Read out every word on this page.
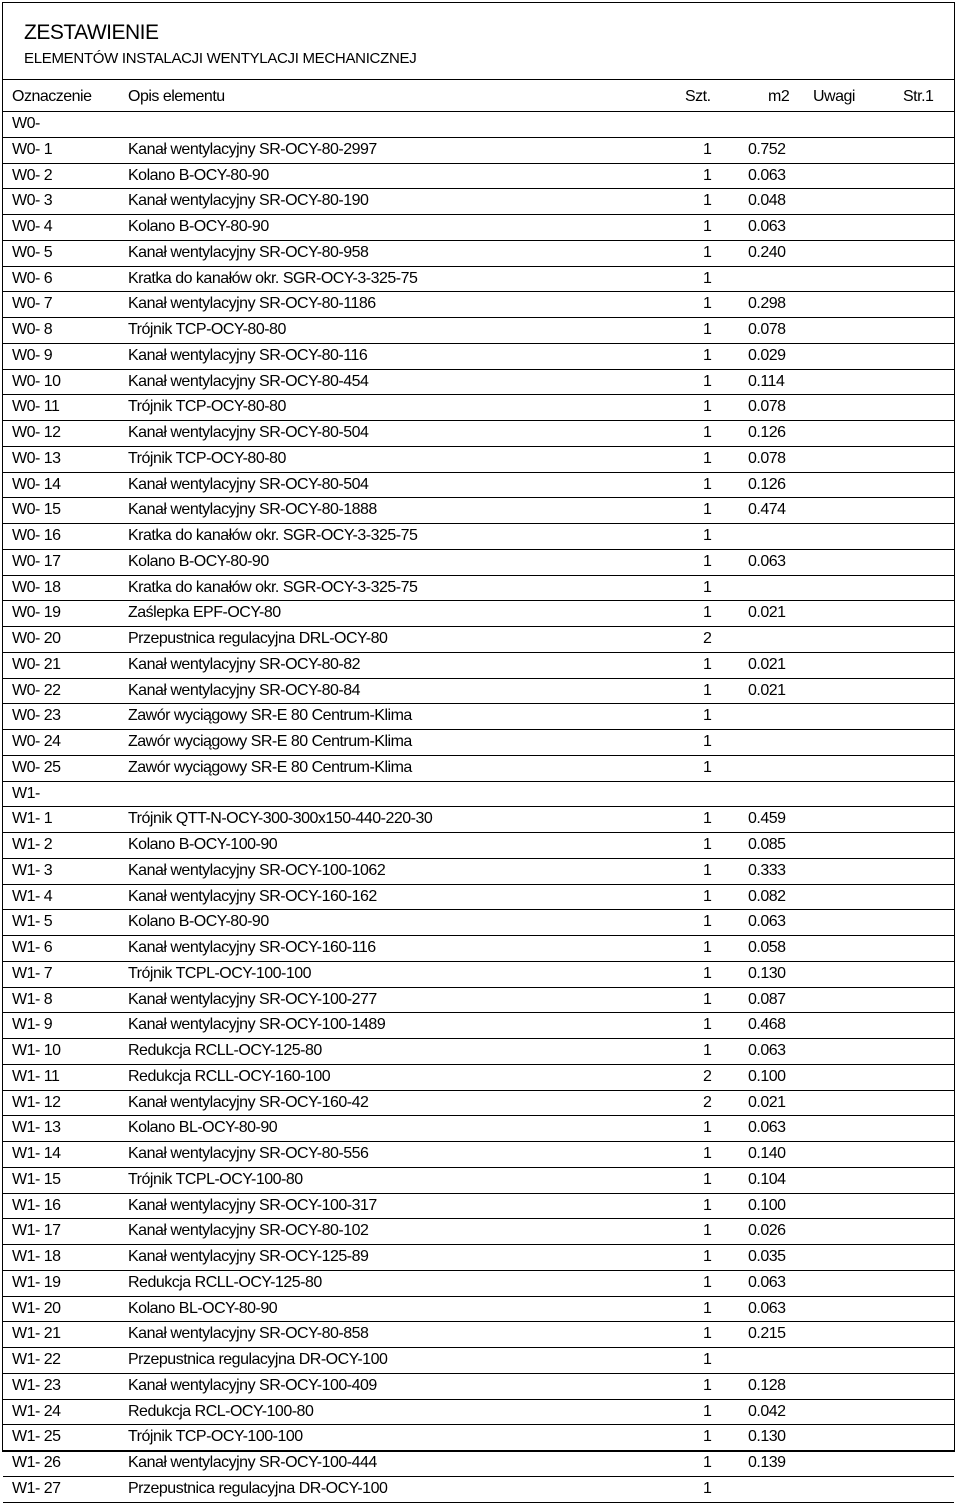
ZESTAWIENIE
ELEMENTÓW INSTALACJI WENTYLACJI MECHANICZNEJ
Oznaczenie Opis elementu	Szt.	m2 Uwagi	Str.1
W0-
W0- 1	Kanał wentylacyjny SR-OCY-80-2997	1 0.752
W0- 2	Kolano B-OCY-80-90	1 0.063
W0- 3	Kanał wentylacyjny SR-OCY-80-190	1 0.048
W0- 4	Kolano B-OCY-80-90	1 0.063
W0- 5	Kanał wentylacyjny SR-OCY-80-958	1 0.240
W0- 6	Kratka do kanałów okr. SGR-OCY-3-325-75	1
W0- 7	Kanał wentylacyjny SR-OCY-80-1186	1 0.298
W0- 8	Trójnik TCP-OCY-80-80	1 0.078
W0- 9	Kanał wentylacyjny SR-OCY-80-116	1 0.029
W0- 10	Kanał wentylacyjny SR-OCY-80-454	1 0.114
W0- 11	Trójnik TCP-OCY-80-80	1 0.078
W0- 12	Kanał wentylacyjny SR-OCY-80-504	1 0.126
W0- 13	Trójnik TCP-OCY-80-80	1 0.078
W0- 14	Kanał wentylacyjny SR-OCY-80-504	1 0.126
W0- 15	Kanał wentylacyjny SR-OCY-80-1888	1 0.474
W0- 16	Kratka do kanałów okr. SGR-OCY-3-325-75	1
W0- 17	Kolano B-OCY-80-90	1 0.063
W0- 18	Kratka do kanałów okr. SGR-OCY-3-325-75	1
W0- 19	Zaślepka EPF-OCY-80	1 0.021
W0- 20	Przepustnica regulacyjna DRL-OCY-80	2
W0- 21	Kanał wentylacyjny SR-OCY-80-82	1 0.021
W0- 22	Kanał wentylacyjny SR-OCY-80-84	1 0.021
W0- 23	Zawór wyciągowy SR-E 80 Centrum-Klima	1
W0- 24	Zawór wyciągowy SR-E 80 Centrum-Klima	1
W0- 25	Zawór wyciągowy SR-E 80 Centrum-Klima	1
W1-
W1- 1	Trójnik QTT-N-OCY-300-300x150-440-220-30	1 0.459
W1- 2	Kolano B-OCY-100-90	1 0.085
W1- 3	Kanał wentylacyjny SR-OCY-100-1062	1 0.333
W1- 4	Kanał wentylacyjny SR-OCY-160-162	1 0.082
W1- 5	Kolano B-OCY-80-90	1 0.063
W1- 6	Kanał wentylacyjny SR-OCY-160-116	1 0.058
W1- 7	Trójnik TCPL-OCY-100-100	1 0.130
W1- 8	Kanał wentylacyjny SR-OCY-100-277	1 0.087
W1- 9	Kanał wentylacyjny SR-OCY-100-1489	1 0.468
W1- 10	Redukcja RCLL-OCY-125-80	1 0.063
W1- 11	Redukcja RCLL-OCY-160-100	2 0.100
W1- 12	Kanał wentylacyjny SR-OCY-160-42	2 0.021
W1- 13	Kolano BL-OCY-80-90	1 0.063
W1- 14	Kanał wentylacyjny SR-OCY-80-556	1 0.140
W1- 15	Trójnik TCPL-OCY-100-80	1 0.104
W1- 16	Kanał wentylacyjny SR-OCY-100-317	1 0.100
W1- 17	Kanał wentylacyjny SR-OCY-80-102	1 0.026
W1- 18	Kanał wentylacyjny SR-OCY-125-89	1 0.035
W1- 19	Redukcja RCLL-OCY-125-80	1 0.063
W1- 20	Kolano BL-OCY-80-90	1 0.063
W1- 21	Kanał wentylacyjny SR-OCY-80-858	1 0.215
W1- 22	Przepustnica regulacyjna DR-OCY-100	1
W1- 23	Kanał wentylacyjny SR-OCY-100-409	1 0.128
W1- 24	Redukcja RCL-OCY-100-80	1 0.042
W1- 25	Trójnik TCP-OCY-100-100	1 0.130
W1- 26	Kanał wentylacyjny SR-OCY-100-444	1 0.139
W1- 27	Przepustnica regulacyjna DR-OCY-100	1
